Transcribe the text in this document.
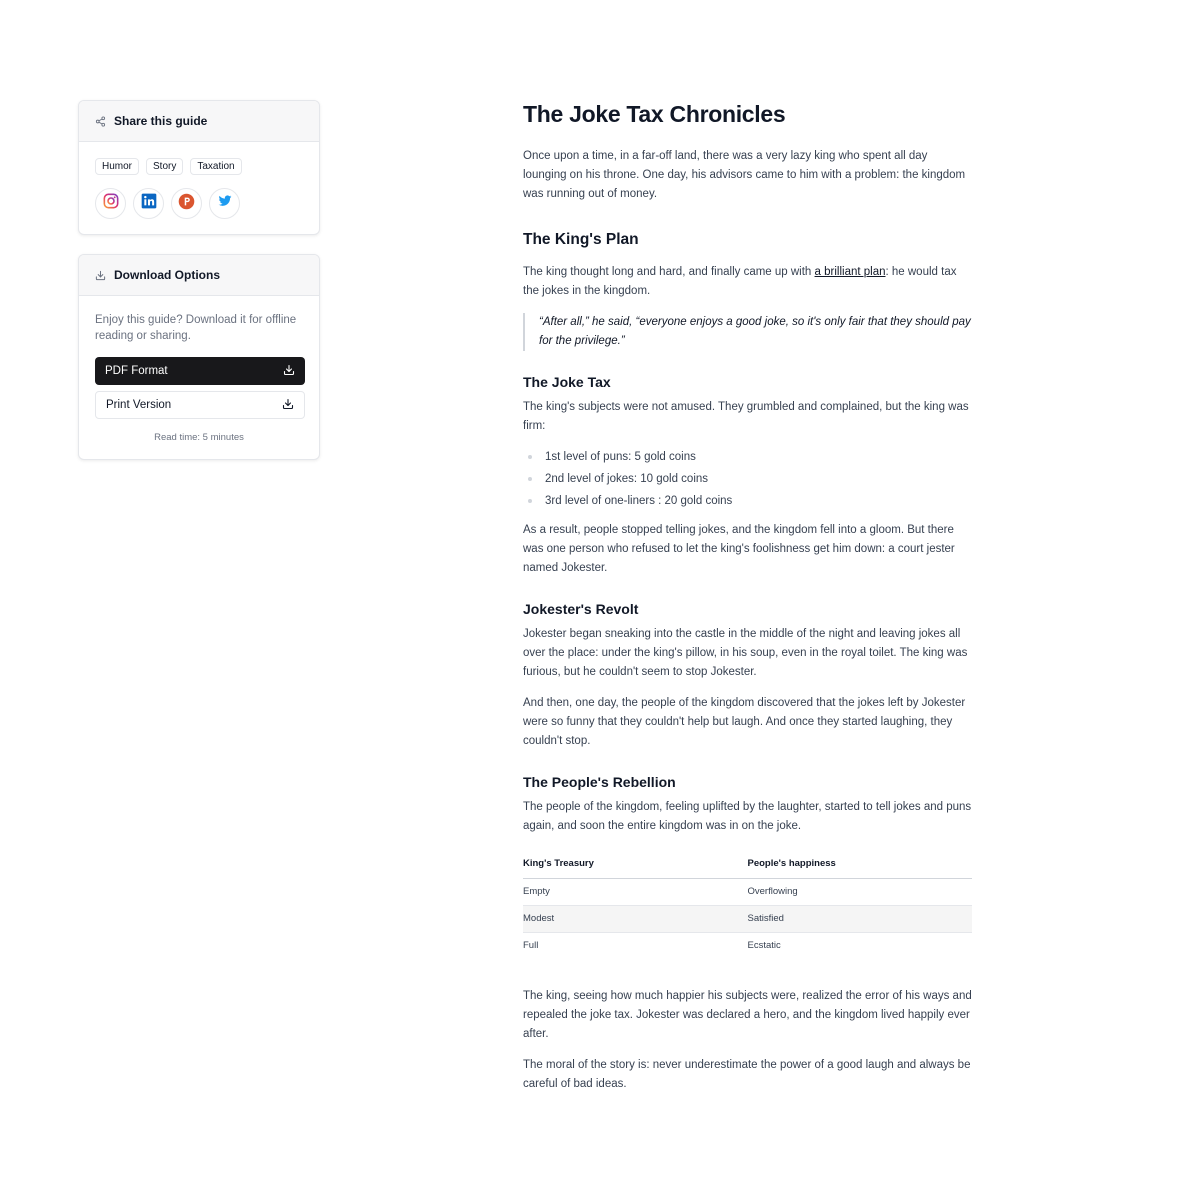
Share this guide
Humor	Story	Taxation
Download Options

Enjoy this guide? Download it for offline reading or sharing.

PDF Format
Print Version
Read time: 5 minutes
The Joke Tax Chronicles

Once upon a time, in a far-off land, there was a very lazy king who spent all day lounging on his throne. One day, his advisors came to him with a problem: the kingdom was running out of money.

The King's Plan

The king thought long and hard, and finally came up with a brilliant plan: he would tax the jokes in the kingdom.

“After all,” he said, “everyone enjoys a good joke, so it's only fair that they should pay for the privilege.”
The Joke Tax

The king's subjects were not amused. They grumbled and complained, but the king was firm:

1st level of puns: 5 gold coins
2nd level of jokes: 10 gold coins
3rd level of one-liners : 20 gold coins

As a result, people stopped telling jokes, and the kingdom fell into a gloom. But there was one person who refused to let the king's foolishness get him down: a court jester named Jokester.

Jokester's Revolt

Jokester began sneaking into the castle in the middle of the night and leaving jokes all over the place: under the king's pillow, in his soup, even in the royal toilet. The king was furious, but he couldn't seem to stop Jokester.

And then, one day, the people of the kingdom discovered that the jokes left by Jokester were so funny that they couldn't help but laugh. And once they started laughing, they couldn't stop.

The People's Rebellion

The people of the kingdom, feeling uplifted by the laughter, started to tell jokes and puns again, and soon the entire kingdom was in on the joke.

King's Treasury	People's happiness
Empty	Overflowing
Modest	Satisfied
Full	Ecstatic

The king, seeing how much happier his subjects were, realized the error of his ways and repealed the joke tax. Jokester was declared a hero, and the kingdom lived happily ever after.

The moral of the story is: never underestimate the power of a good laugh and always be careful of bad ideas.
